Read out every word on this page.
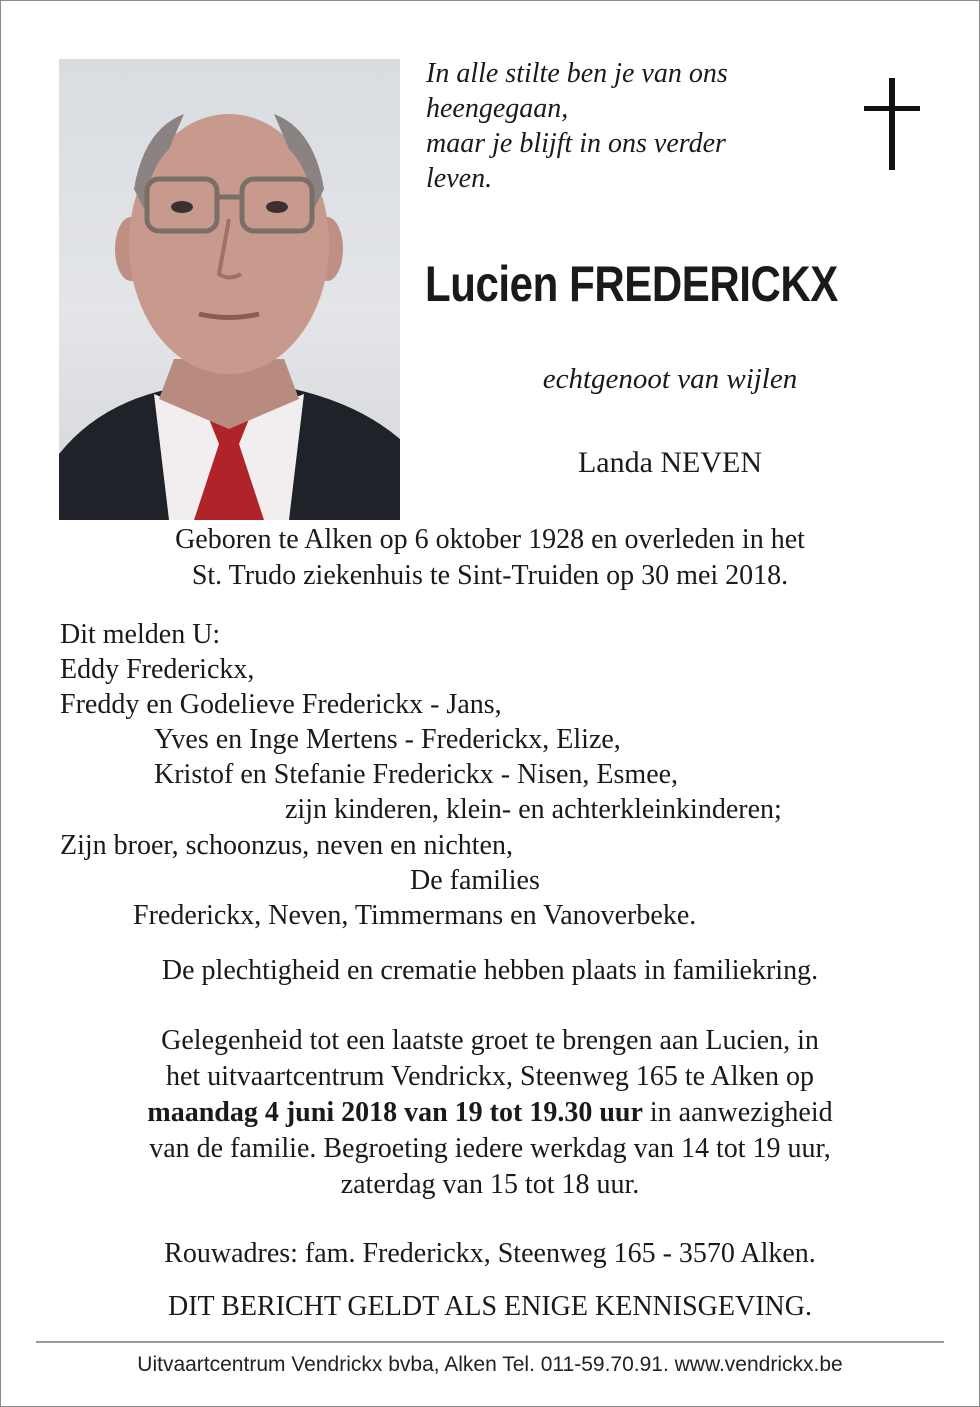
In alle stilte ben je van ons
heengegaan,
maar je blijft in ons verder
leven.
Lucien FREDERICKX
echtgenoot van wijlen
Landa NEVEN
Geboren te Alken op 6 oktober 1928 en overleden in het
St. Trudo ziekenhuis te Sint-Truiden op 30 mei 2018.
Dit melden U:
Eddy Frederickx,
Freddy en Godelieve Frederickx - Jans,
Yves en Inge Mertens - Frederickx, Elize,
Kristof en Stefanie Frederickx - Nisen, Esmee,
zijn kinderen, klein- en achterkleinkinderen;
Zijn broer, schoonzus, neven en nichten,
De families
Frederickx, Neven, Timmermans en Vanoverbeke.
De plechtigheid en crematie hebben plaats in familiekring.
Gelegenheid tot een laatste groet te brengen aan Lucien, in
het uitvaartcentrum Vendrickx, Steenweg 165 te Alken op
maandag 4 juni 2018 van 19 tot 19.30 uur in aanwezigheid
van de familie. Begroeting iedere werkdag van 14 tot 19 uur,
zaterdag van 15 tot 18 uur.
Rouwadres: fam. Frederickx, Steenweg 165 - 3570 Alken.
DIT BERICHT GELDT ALS ENIGE KENNISGEVING.
Uitvaartcentrum Vendrickx bvba, Alken Tel. 011-59.70.91. www.vendrickx.be
